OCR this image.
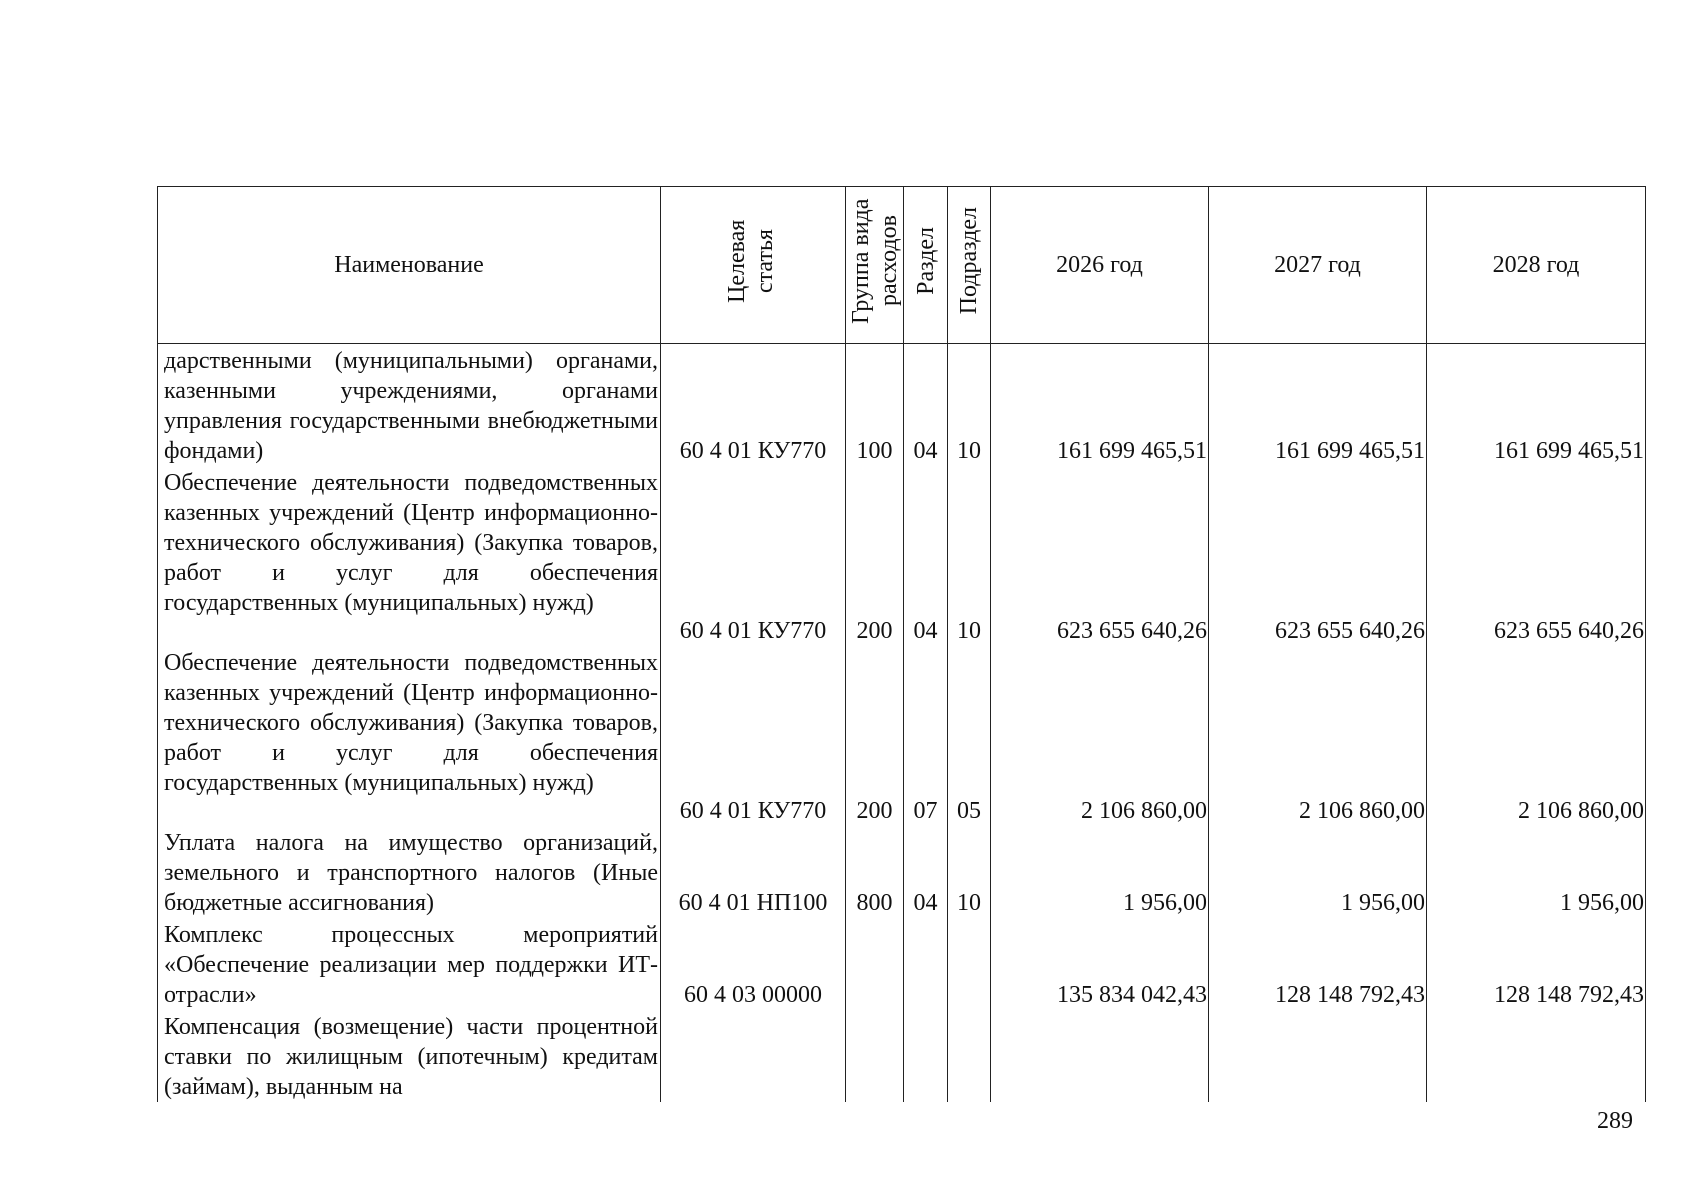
Наименование	Целевая статья	Группа вида расходов	Раздел	Подраздел	2026 год	2027 год	2028 год
дарственными (муниципальными) органами, казенными учреждениями, органами управления государственными внебюджетными фондами)	60 4 01 КУ770	100	04	10	161 699 465,51	161 699 465,51	161 699 465,51
Обеспечение деятельности подведомственных казенных учреждений (Центр информационно-технического обслуживания) (Закупка товаров, работ и услуг для обеспечения государственных (муниципальных) нужд)	60 4 01 КУ770	200	04	10	623 655 640,26	623 655 640,26	623 655 640,26
Обеспечение деятельности подведомственных казенных учреждений (Центр информационно-технического обслуживания) (Закупка товаров, работ и услуг для обеспечения государственных (муниципальных) нужд)	60 4 01 КУ770	200	07	05	2 106 860,00	2 106 860,00	2 106 860,00
Уплата налога на имущество организаций, земельного и транспортного налогов (Иные бюджетные ассигнования)	60 4 01 НП100	800	04	10	1 956,00	1 956,00	1 956,00
Комплекс процессных мероприятий «Обеспечение реализации мер поддержки ИТ-отрасли»	60 4 03 00000				135 834 042,43	128 148 792,43	128 148 792,43
Компенсация (возмещение) части процентной ставки по жилищным (ипотечным) кредитам (займам), выданным на							
289
